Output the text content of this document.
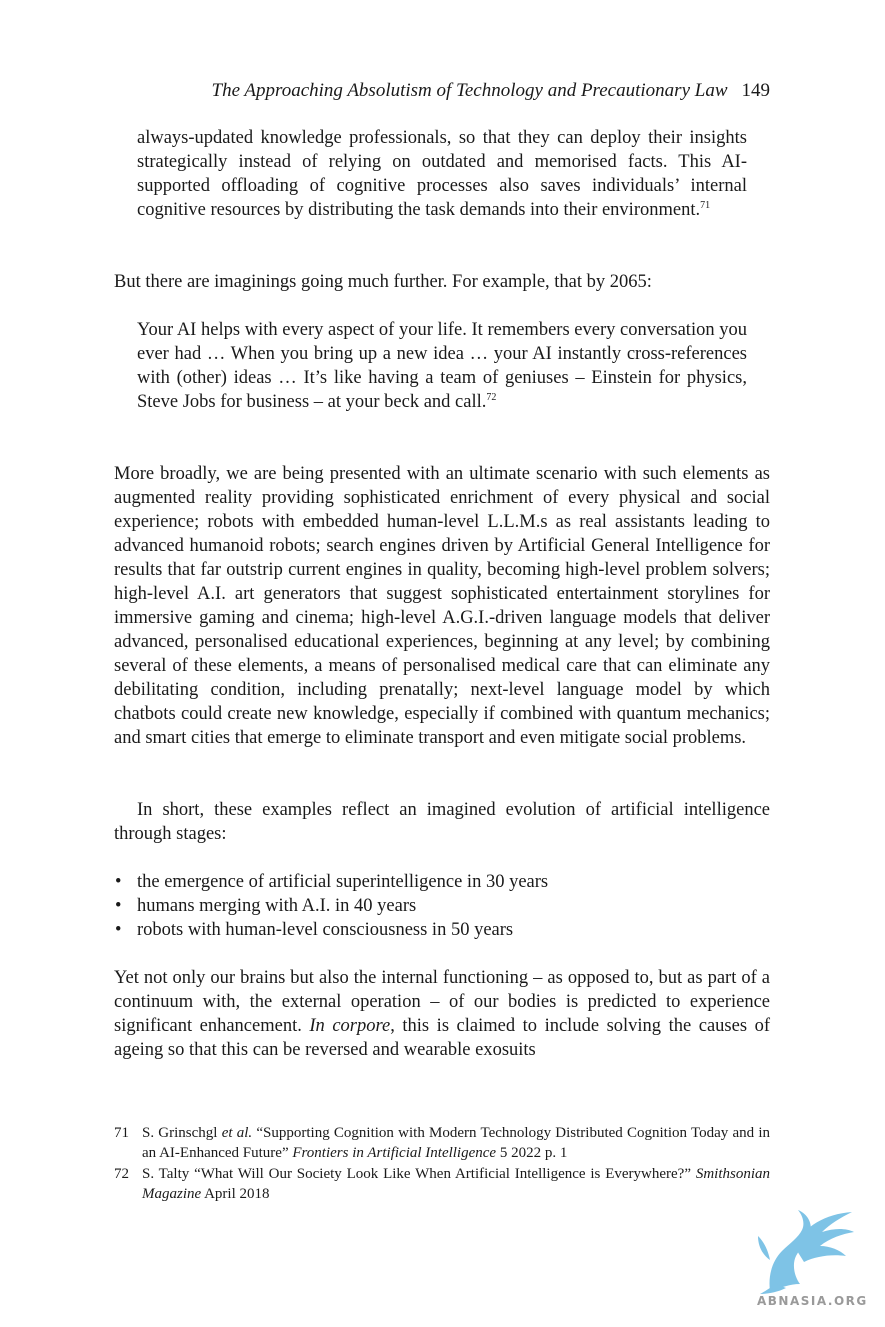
The Approaching Absolutism of Technology and Precautionary Law 149
always-updated knowledge professionals, so that they can deploy their insights strategically instead of relying on outdated and memorised facts. This AI-supported offloading of cognitive processes also saves individuals’ internal cognitive resources by distributing the task demands into their environment.$^{71}$
But there are imaginings going much further. For example, that by 2065:
Your AI helps with every aspect of your life. It remembers every conversation you ever had … When you bring up a new idea … your AI instantly cross-references with (other) ideas … It’s like having a team of geniuses – Einstein for physics, Steve Jobs for business – at your beck and call.$^{72}$
More broadly, we are being presented with an ultimate scenario with such elements as augmented reality providing sophisticated enrichment of every physical and social experience; robots with embedded human-level L.L.M.s as real assistants leading to advanced humanoid robots; search engines driven by Artificial General Intelligence for results that far outstrip current engines in quality, becoming high-level problem solvers; high-level A.I. art generators that suggest sophisticated entertainment storylines for immersive gaming and cinema; high-level A.G.I.-driven language models that deliver advanced, personalised educational experiences, beginning at any level; by combining several of these elements, a means of personalised medical care that can eliminate any debilitating condition, including prenatally; next-level language model by which chatbots could create new knowledge, especially if combined with quantum mechanics; and smart cities that emerge to eliminate transport and even mitigate social problems.
In short, these examples reflect an imagined evolution of artificial intelligence through stages:
• the emergence of artificial superintelligence in 30 years
• humans merging with A.I. in 40 years
• robots with human-level consciousness in 50 years
Yet not only our brains but also the internal functioning – as opposed to, but as part of a continuum with, the external operation – of our bodies is predicted to experience significant enhancement. In corpore, this is claimed to include solving the causes of ageing so that this can be reversed and wearable exosuits
71 S. Grinschgl et al. “Supporting Cognition with Modern Technology Distributed Cognition Today and in an AI-Enhanced Future” Frontiers in Artificial Intelligence 5 2022 p. 1
72 S. Talty “What Will Our Society Look Like When Artificial Intelligence is Everywhere?” Smithsonian Magazine April 2018
ABNASIA.ORG
